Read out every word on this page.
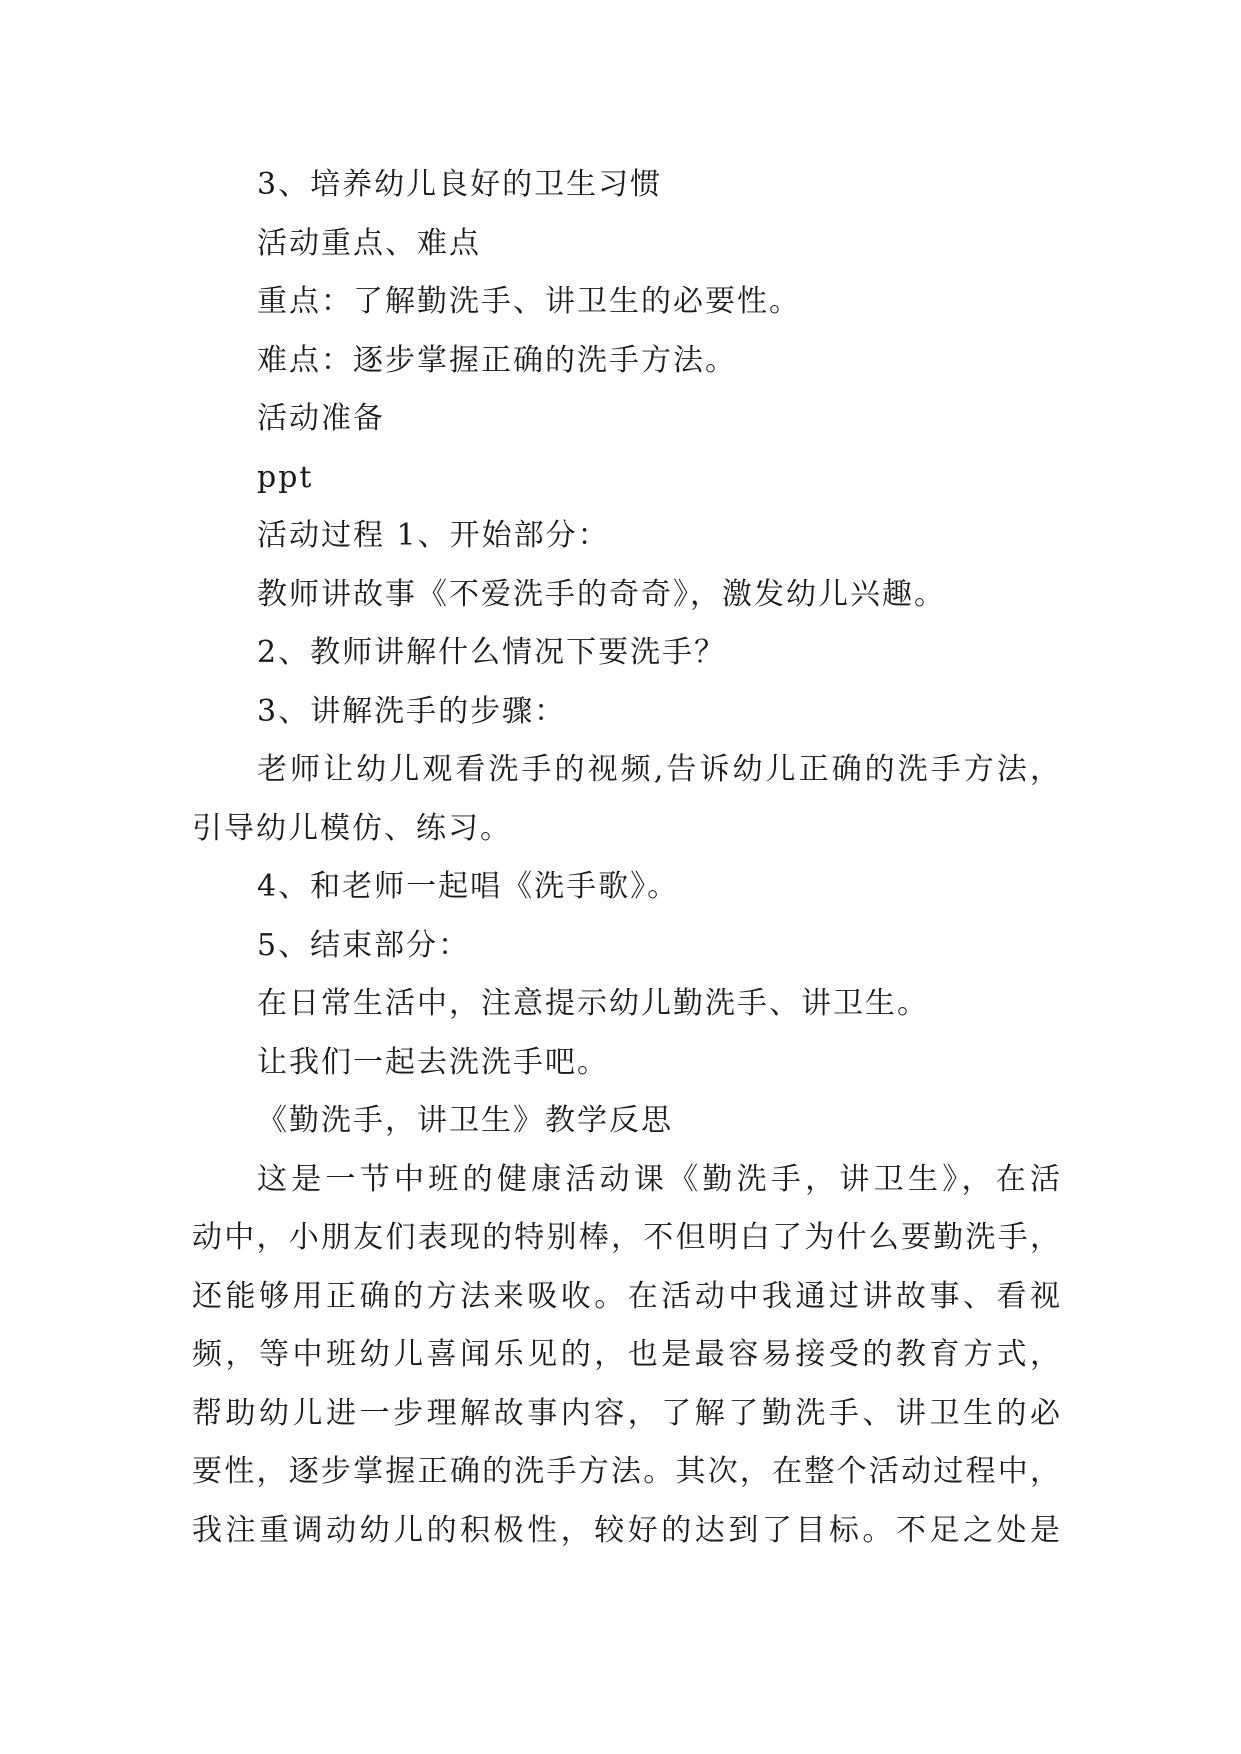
3、培养幼儿良好的卫生习惯
活动重点、难点
重点：了解勤洗手、讲卫生的必要性。
难点：逐步掌握正确的洗手方法。
活动准备
ppt
活动过程 1、开始部分：
教师讲故事《不爱洗手的奇奇》，激发幼儿兴趣。
2、教师讲解什么情况下要洗手？
3、讲解洗手的步骤：
老师让幼儿观看洗手的视频,告诉幼儿正确的洗手方法，
引导幼儿模仿、练习。
4、和老师一起唱《洗手歌》。
5、结束部分：
在日常生活中，注意提示幼儿勤洗手、讲卫生。
让我们一起去洗洗手吧。
《勤洗手，讲卫生》教学反思
这是一节中班的健康活动课《勤洗手，讲卫生》，在活
动中，小朋友们表现的特别棒，不但明白了为什么要勤洗手，
还能够用正确的方法来吸收。在活动中我通过讲故事、看视
频，等中班幼儿喜闻乐见的，也是最容易接受的教育方式，
帮助幼儿进一步理解故事内容，了解了勤洗手、讲卫生的必
要性，逐步掌握正确的洗手方法。其次，在整个活动过程中，
我注重调动幼儿的积极性，较好的达到了目标。不足之处是
